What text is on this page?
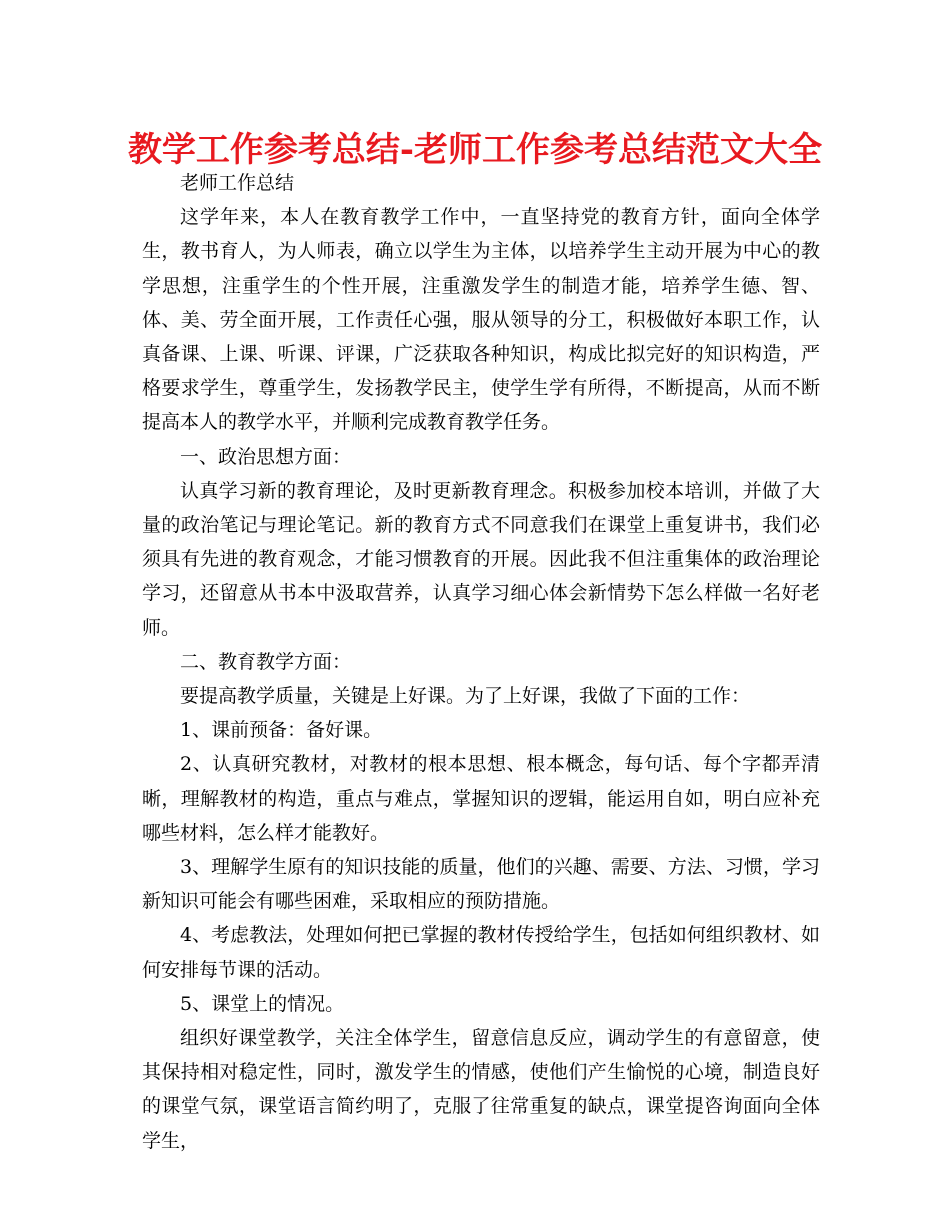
教学工作参考总结-老师工作参考总结范文大全

老师工作总结

这学年来，本人在教育教学工作中，一直坚持党的教育方针，面向全体学生，教书育人，为人师表，确立以学生为主体，以培养学生主动开展为中心的教学思想，注重学生的个性开展，注重激发学生的制造才能，培养学生德、智、体、美、劳全面开展，工作责任心强，服从领导的分工，积极做好本职工作，认真备课、上课、听课、评课，广泛获取各种知识，构成比拟完好的知识构造，严格要求学生，尊重学生，发扬教学民主，使学生学有所得，不断提高，从而不断提高本人的教学水平，并顺利完成教育教学任务。

一、政治思想方面：

认真学习新的教育理论，及时更新教育理念。积极参加校本培训，并做了大量的政治笔记与理论笔记。新的教育方式不同意我们在课堂上重复讲书，我们必须具有先进的教育观念，才能习惯教育的开展。因此我不但注重集体的政治理论学习，还留意从书本中汲取营养，认真学习细心体会新情势下怎么样做一名好老师。

二、教育教学方面：

要提高教学质量，关键是上好课。为了上好课，我做了下面的工作：

1、课前预备：备好课。

2、认真研究教材，对教材的根本思想、根本概念，每句话、每个字都弄清晰，理解教材的构造，重点与难点，掌握知识的逻辑，能运用自如，明白应补充哪些材料，怎么样才能教好。

3、理解学生原有的知识技能的质量，他们的兴趣、需要、方法、习惯，学习新知识可能会有哪些困难，采取相应的预防措施。

4、考虑教法，处理如何把已掌握的教材传授给学生，包括如何组织教材、如何安排每节课的活动。

5、课堂上的情况。

组织好课堂教学，关注全体学生，留意信息反应，调动学生的有意留意，使其保持相对稳定性，同时，激发学生的情感，使他们产生愉悦的心境，制造良好的课堂气氛，课堂语言简约明了，克服了往常重复的缺点，课堂提咨询面向全体学生，
